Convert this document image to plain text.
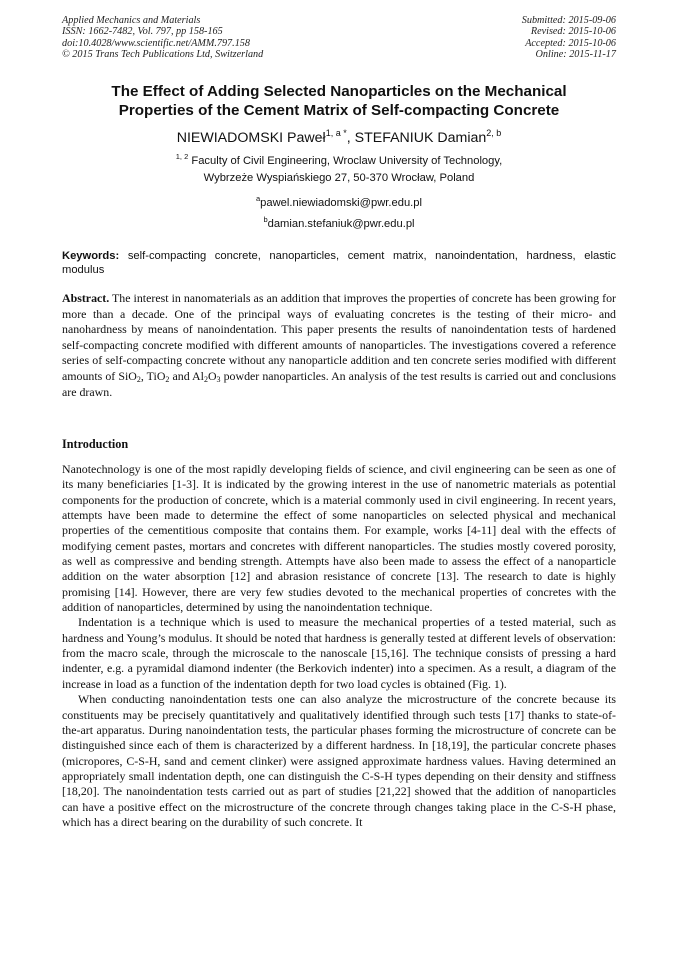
Applied Mechanics and Materials
ISSN: 1662-7482, Vol. 797, pp 158-165
doi:10.4028/www.scientific.net/AMM.797.158
© 2015 Trans Tech Publications Ltd, Switzerland
Submitted: 2015-09-06
Revised: 2015-10-06
Accepted: 2015-10-06
Online: 2015-11-17
The Effect of Adding Selected Nanoparticles on the Mechanical
Properties of the Cement Matrix of Self-compacting Concrete
NIEWIADOMSKI Paweł$^{1, a *}$, STEFANIUK Damian$^{2, b}$
$^{1, 2}$ Faculty of Civil Engineering, Wroclaw University of Technology,
Wybrzeże Wyspiańskiego 27, 50-370 Wrocław, Poland
$^a$pawel.niewiadomski@pwr.edu.pl
$^b$damian.stefaniuk@pwr.edu.pl
Keywords: self-compacting concrete, nanoparticles, cement matrix, nanoindentation, hardness, elastic modulus
Abstract. The interest in nanomaterials as an addition that improves the properties of concrete has been growing for more than a decade. One of the principal ways of evaluating concretes is the testing of their micro- and nanohardness by means of nanoindentation. This paper presents the results of nanoindentation tests of hardened self-compacting concrete modified with different amounts of nanoparticles. The investigations covered a reference series of self-compacting concrete without any nanoparticle addition and ten concrete series modified with different amounts of SiO$_2$, TiO$_2$ and $Al_2O_3$ powder nanoparticles. An analysis of the test results is carried out and conclusions are drawn.
Introduction

Nanotechnology is one of the most rapidly developing fields of science, and civil engineering can be seen as one of its many beneficiaries [1-3]. It is indicated by the growing interest in the use of nanometric materials as potential components for the production of concrete, which is a material commonly used in civil engineering. In recent years, attempts have been made to determine the effect of some nanoparticles on selected physical and mechanical properties of the cementitious composite that contains them. For example, works [4-11] deal with the effects of modifying cement pastes, mortars and concretes with different nanoparticles. The studies mostly covered porosity, as well as compressive and bending strength. Attempts have also been made to assess the effect of a nanoparticle addition on the water absorption [12] and abrasion resistance of concrete [13]. The research to date is highly promising [14]. However, there are very few studies devoted to the mechanical properties of concretes with the addition of nanoparticles, determined by using the nanoindentation technique.

Indentation is a technique which is used to measure the mechanical properties of a tested material, such as hardness and Young’s modulus. It should be noted that hardness is generally tested at different levels of observation: from the macro scale, through the microscale to the nanoscale [15,16]. The technique consists of pressing a hard indenter, e.g. a pyramidal diamond indenter (the Berkovich indenter) into a specimen. As a result, a diagram of the increase in load as a function of the indentation depth for two load cycles is obtained (Fig. 1).

When conducting nanoindentation tests one can also analyze the microstructure of the concrete because its constituents may be precisely quantitatively and qualitatively identified through such tests [17] thanks to state-of-the-art apparatus. During nanoindentation tests, the particular phases forming the microstructure of concrete can be distinguished since each of them is characterized by a different hardness. In [18,19], the particular concrete phases (micropores, C-S-H, sand and cement clinker) were assigned approximate hardness values. Having determined an appropriately small indentation depth, one can distinguish the C-S-H types depending on their density and stiffness [18,20]. The nanoindentation tests carried out as part of studies [21,22] showed that the addition of nanoparticles can have a positive effect on the microstructure of the concrete through changes taking place in the C-S-H phase, which has a direct bearing on the durability of such concrete. It
